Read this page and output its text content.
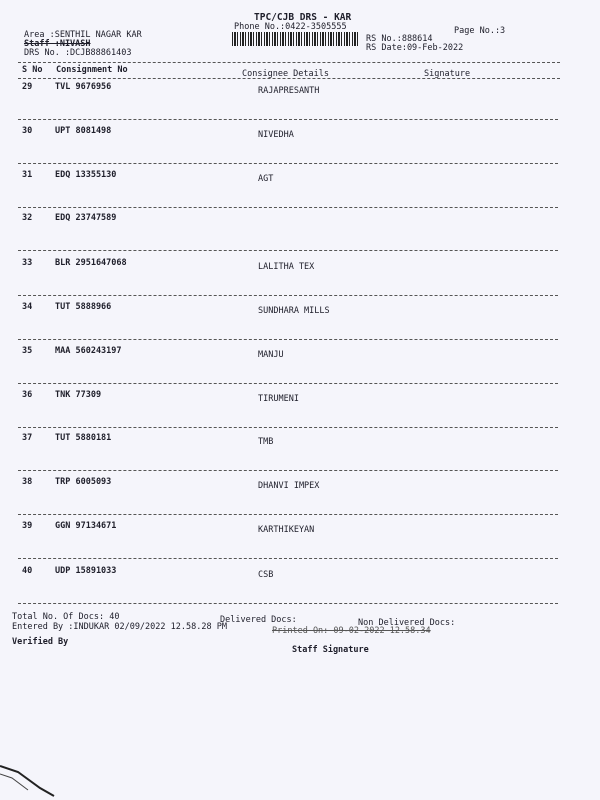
TPC/CJB DRS - KAR
Phone No.:0422-3505555	Page No.:3
Area :SENTHIL NAGAR KAR
Staff :NIVASH
DRS No. :DCJB88861403
RS No.:888614
RS Date:09-Feb-2022
S No Consignment No	Consignee Details	Signature
29	TVL 9676956	RAJAPRESANTH
30	UPT 8081498	NIVEDHA
31	EDQ 13355130	AGT
32	EDQ 23747589
33	BLR 2951647068	LALITHA TEX
34	TUT 5888966	SUNDHARA MILLS
35	MAA 560243197	MANJU
36	TNK 77309	TIRUMENI
37	TUT 5880181	TMB
38	TRP 6005093	DHANVI IMPEX
39	GGN 97134671	KARTHIKEYAN
40	UDP 15891033	CSB
Total No. Of Docs: 40	Delivered Docs:	Non Delivered Docs:
Entered By :INDUKAR 02/09/2022 12.58.28 PM	Printed On: 09-02-2022 12.58.34
Verified By
Staff Signature
